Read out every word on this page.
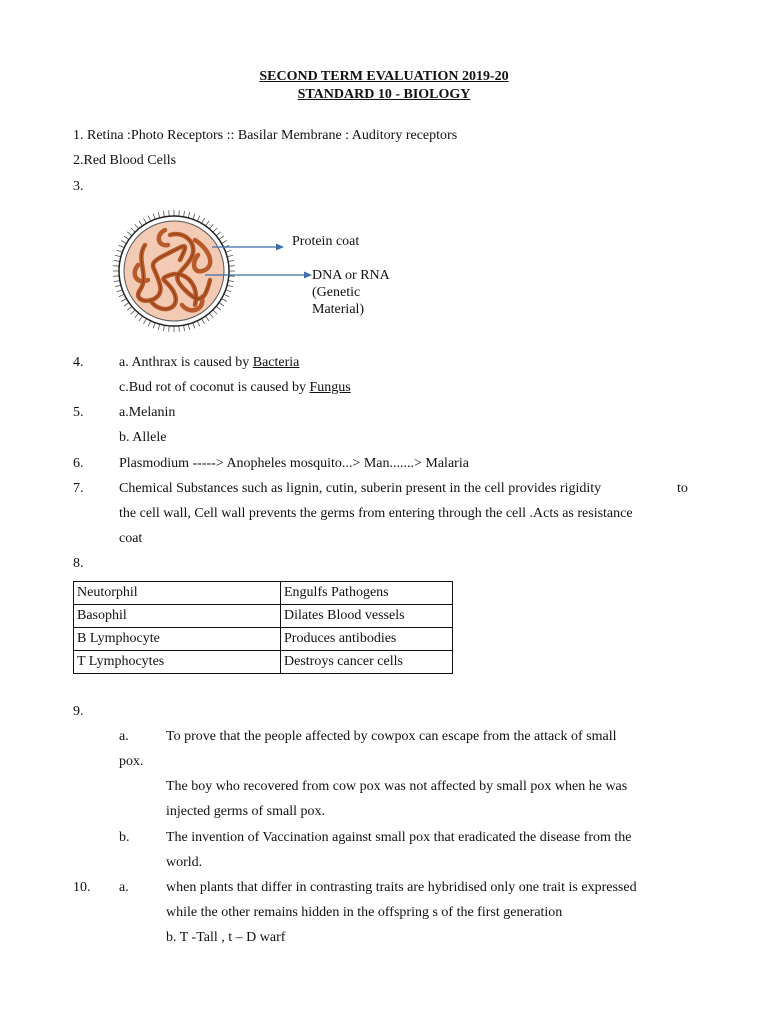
SECOND TERM EVALUATION 2019-20
STANDARD 10 - BIOLOGY
1. Retina :Photo Receptors :: Basilar Membrane : Auditory receptors
2.Red Blood Cells
3.
Protein coat
DNA or RNA
(Genetic
Material)
4.	a. Anthrax is caused by Bacteria
c.Bud rot of coconut is caused by Fungus
5.	a.Melanin
b. Allele
6.	Plasmodium -----> Anopheles mosquito...> Man.......> Malaria
7.	Chemical Substances such as lignin, cutin, suberin present in the cell provides rigidity	to
the cell wall, Cell wall prevents the germs from entering through the cell .Acts as resistance
coat
8.
Neutorphil	Engulfs Pathogens
Basophil	Dilates Blood vessels
B Lymphocyte	Produces antibodies
T Lymphocytes	Destroys cancer cells
9.
a.	To prove that the people affected by cowpox can escape from the attack of small
pox.
The boy who recovered from cow pox was not affected by small pox when he was
injected germs of small pox.
b.	The invention of Vaccination against small pox that eradicated the disease from the
world.
10. a.	when plants that differ in contrasting traits are hybridised only one trait is expressed
while the other remains hidden in the offspring s of the first generation
b. T -Tall , t – D warf
